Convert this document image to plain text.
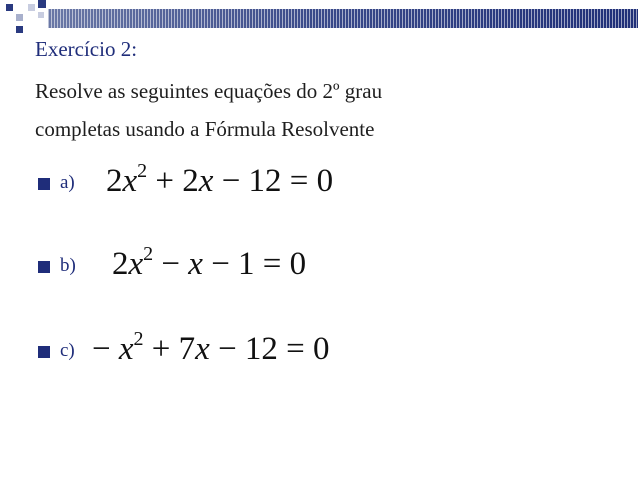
Exercício 2:
Resolve as seguintes equações do 2º grau
completas usando a Fórmula Resolvente
a) $2x^2 + 2x - 12 = 0$
b) $2x^2 - x - 1 = 0$
$c) - x^2 + 7x - 12 = 0$
